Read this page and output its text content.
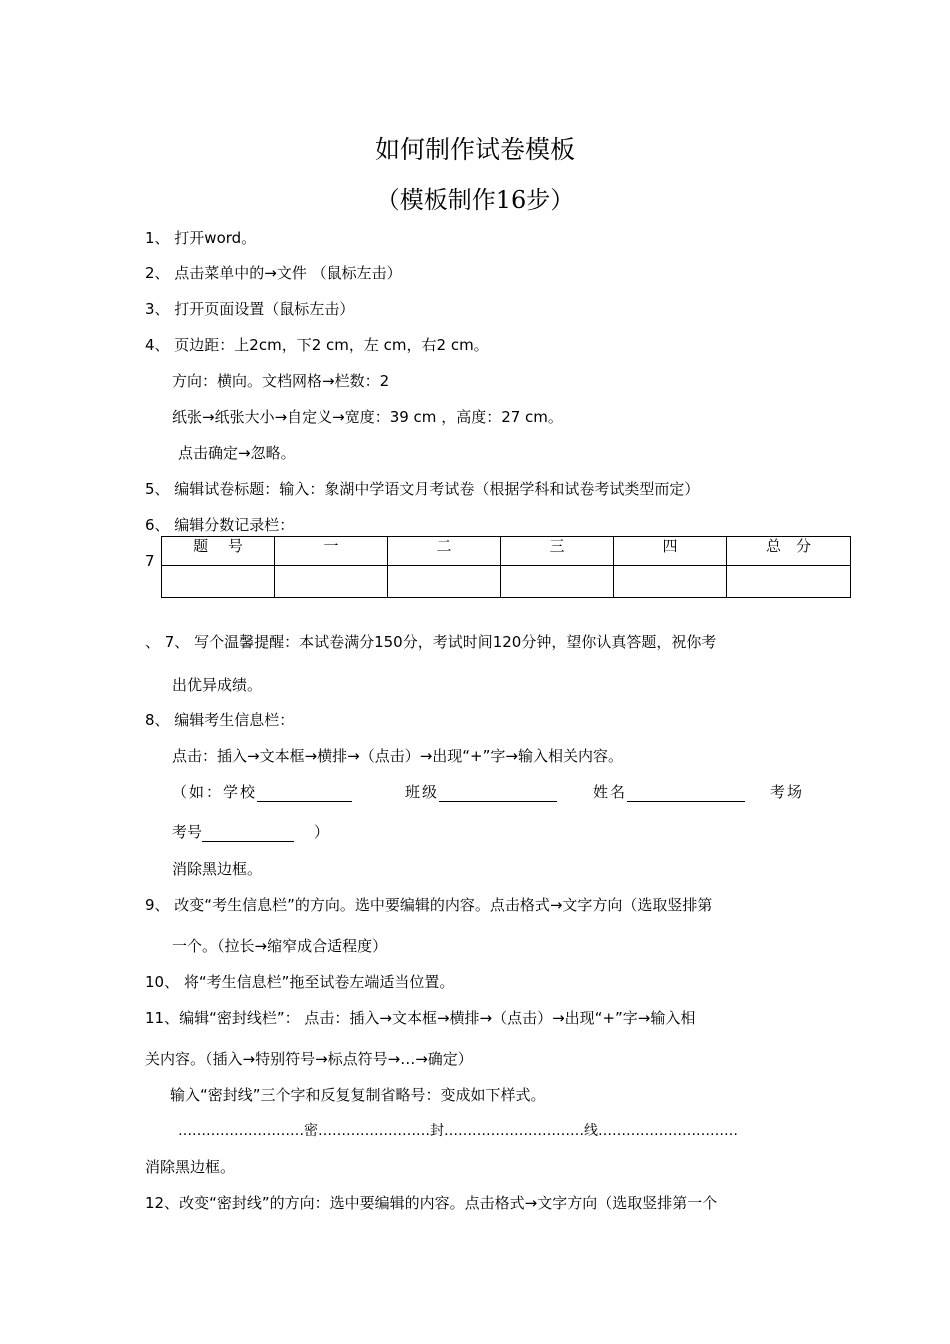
如何制作试卷模板
（模板制作16步）
1、 打开word。
2、 点击菜单中的→文件 （鼠标左击）
3、 打开页面设置（鼠标左击）
4、 页边距：上2cm，下2 cm，左 cm，右2 cm。
方向：横向。文档网格→栏数：2
纸张→纸张大小→自定义→宽度：39 cm ，高度：27 cm。
点击确定→忽略。
5、 编辑试卷标题：输入：象湖中学语文月考试卷（根据学科和试卷考试类型而定）
6、 编辑分数记录栏：
7
题　 号	一	二	三	四	总　分

、 7、 写个温馨提醒：本试卷满分150分，考试时间120分钟，望你认真答题，祝你考
出优异成绩。
8、 编辑考生信息栏：
点击：插入→文本框→横排→（点击）→出现“+”字→输入相关内容。
（如：学校	班级	姓名	考场
考号	）
消除黑边框。
9、 改变“考生信息栏”的方向。选中要编辑的内容。点击格式→文字方向（选取竖排第
一个。（拉长→缩窄成合适程度）
10、 将“考生信息栏”拖至试卷左端适当位置。
11、编辑“密封线栏”： 点击：插入→文本框→横排→（点击）→出现“+”字→输入相
关内容。（插入→特别符号→标点符号→…→确定）
输入“密封线”三个字和反复复制省略号：变成如下样式。
………………………密……………………封…………………………线…………………………
消除黑边框。
12、改变“密封线”的方向：选中要编辑的内容。点击格式→文字方向（选取竖排第一个
